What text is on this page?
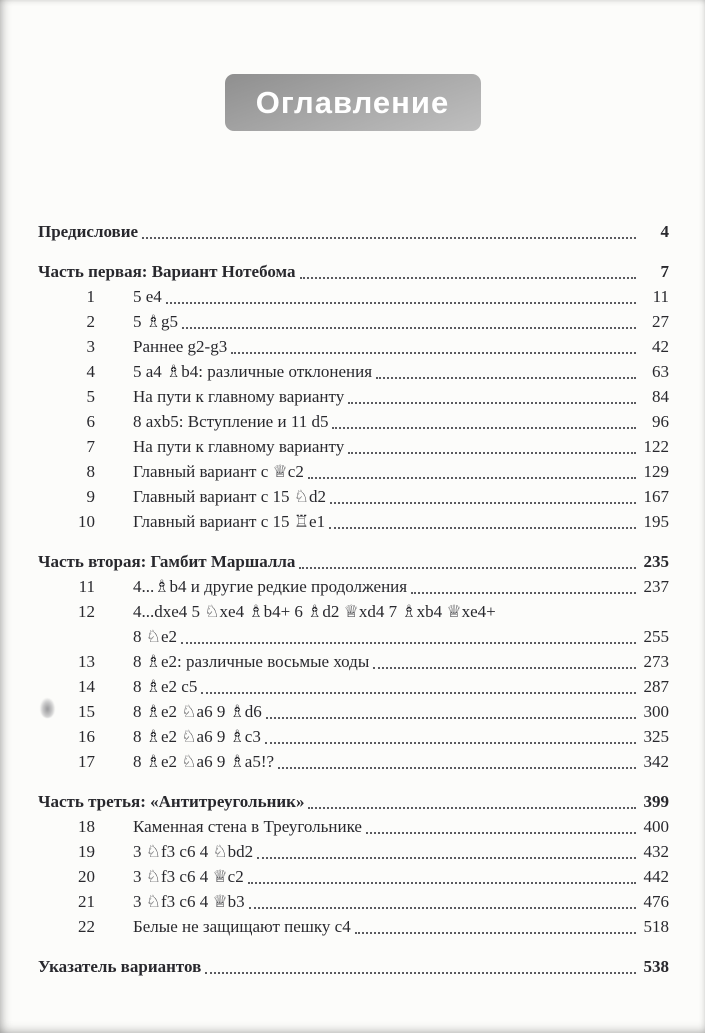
Оглавление
Предисловие	4
Часть первая: Вариант Нотебома	7
1 5 e4	11
2 5 ♗g5	27
3 Раннее g2-g3	42
4 5 a4 ♗b4: различные отклонения	63
5 На пути к главному варианту	84
6 8 axb5: Вступление и 11 d5	96
7 На пути к главному варианту	122
8 Главный вариант с ♕c2	129
9 Главный вариант с 15 ♘d2	167
10 Главный вариант с 15 ♖e1	195
Часть вторая: Гамбит Маршалла	235
11 4...♗b4 и другие редкие продолжения	237
12 4...dxe4 5 ♘xe4 ♗b4+ 6 ♗d2 ♕xd4 7 ♗xb4 ♕xe4+
8 ♘e2	255
13 8 ♗e2: различные восьмые ходы	273
14 8 ♗e2 c5	287
15 8 ♗e2 ♘a6 9 ♗d6	300
16 8 ♗e2 ♘a6 9 ♗c3	325
17 8 ♗e2 ♘a6 9 ♗a5!?	342
Часть третья: «Антитреугольник»	399
18 Каменная стена в Треугольнике	400
19 3 ♘f3 c6 4 ♘bd2	432
20 3 ♘f3 c6 4 ♕c2	442
21 3 ♘f3 c6 4 ♕b3	476
22 Белые не защищают пешку c4	518
Указатель вариантов	538
